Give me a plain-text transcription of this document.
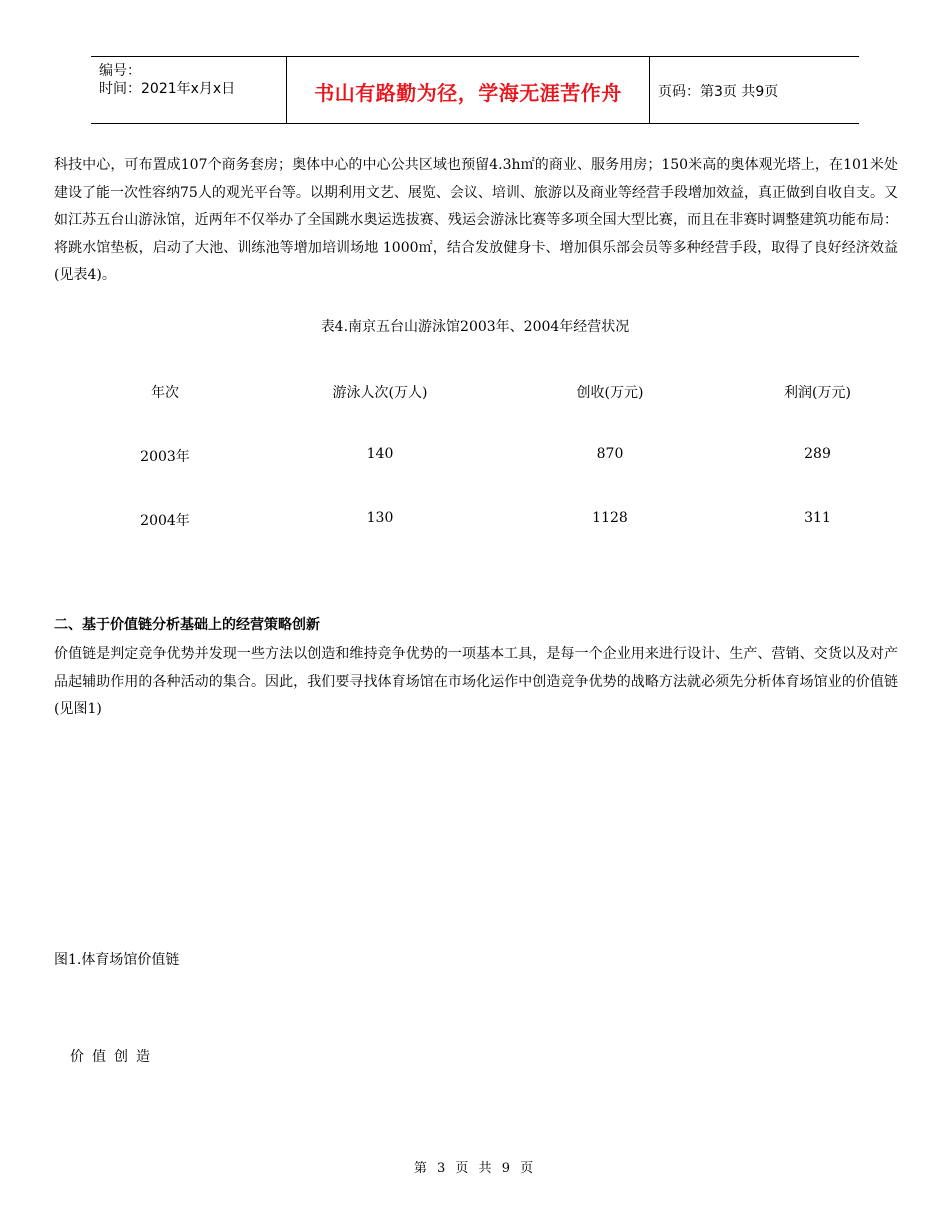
编号：
时间：2021年x月x日	书山有路勤为径，学海无涯苦作舟	页码：第3页 共9页

科技中心，可布置成107个商务套房；奥体中心的中心公共区域也预留4.3h㎡的商业、服务用房；150米高的奥体观光塔上，在101米处建设了能一次性容纳75人的观光平台等。以期利用文艺、展览、会议、培训、旅游以及商业等经营手段增加效益，真正做到自收自支。又如江苏五台山游泳馆，近两年不仅举办了全国跳水奥运选拔赛、残运会游泳比赛等多项全国大型比赛，而且在非赛时调整建筑功能布局：将跳水馆垫板，启动了大池、训练池等增加培训场地 1000㎡，结合发放健身卡、增加俱乐部会员等多种经营手段，取得了良好经济效益(见表4)。

表4.南京五台山游泳馆2003年、2004年经营状况
年次	游泳人次(万人)	创收(万元)	利润(万元)
2003年	140	870	289
2004年	130	1128	311
二、基于价值链分析基础上的经营策略创新

价值链是判定竞争优势并发现一些方法以创造和维持竞争优势的一项基本工具，是每一个企业用来进行设计、生产、营销、交货以及对产品起辅助作用的各种活动的集合。因此，我们要寻找体育场馆在市场化运作中创造竞争优势的战略方法就必须先分析体育场馆业的价值链(见图1)

图1.体育场馆价值链
价值创造
第 3 页 共 9 页
